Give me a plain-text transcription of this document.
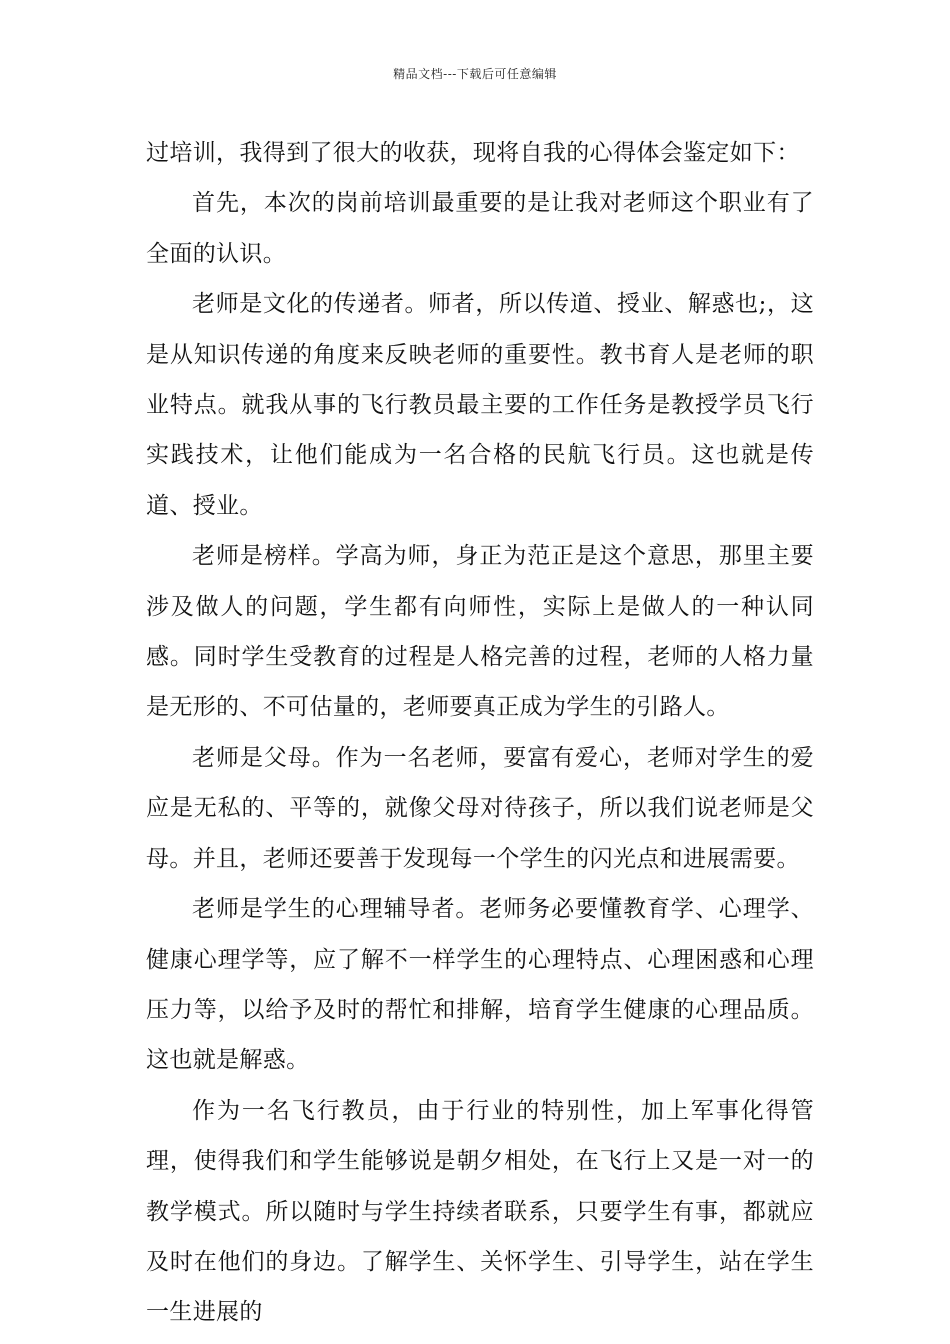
精品文档---下载后可任意编辑

过培训，我得到了很大的收获，现将自我的心得体会鉴定如下：

首先，本次的岗前培训最重要的是让我对老师这个职业有了全面的认识。

老师是文化的传递者。师者，所以传道、授业、解惑也;，这是从知识传递的角度来反映老师的重要性。教书育人是老师的职业特点。就我从事的飞行教员最主要的工作任务是教授学员飞行实践技术，让他们能成为一名合格的民航飞行员。这也就是传道、授业。

老师是榜样。学高为师，身正为范正是这个意思，那里主要涉及做人的问题，学生都有向师性，实际上是做人的一种认同感。同时学生受教育的过程是人格完善的过程，老师的人格力量是无形的、不可估量的，老师要真正成为学生的引路人。

老师是父母。作为一名老师，要富有爱心，老师对学生的爱应是无私的、平等的，就像父母对待孩子，所以我们说老师是父母。并且，老师还要善于发现每一个学生的闪光点和进展需要。

老师是学生的心理辅导者。老师务必要懂教育学、心理学、健康心理学等，应了解不一样学生的心理特点、心理困惑和心理压力等，以给予及时的帮忙和排解，培育学生健康的心理品质。这也就是解惑。

作为一名飞行教员，由于行业的特别性，加上军事化得管理，使得我们和学生能够说是朝夕相处，在飞行上又是一对一的教学模式。所以随时与学生持续者联系，只要学生有事，都就应及时在他们的身边。了解学生、关怀学生、引导学生，站在学生一生进展的
